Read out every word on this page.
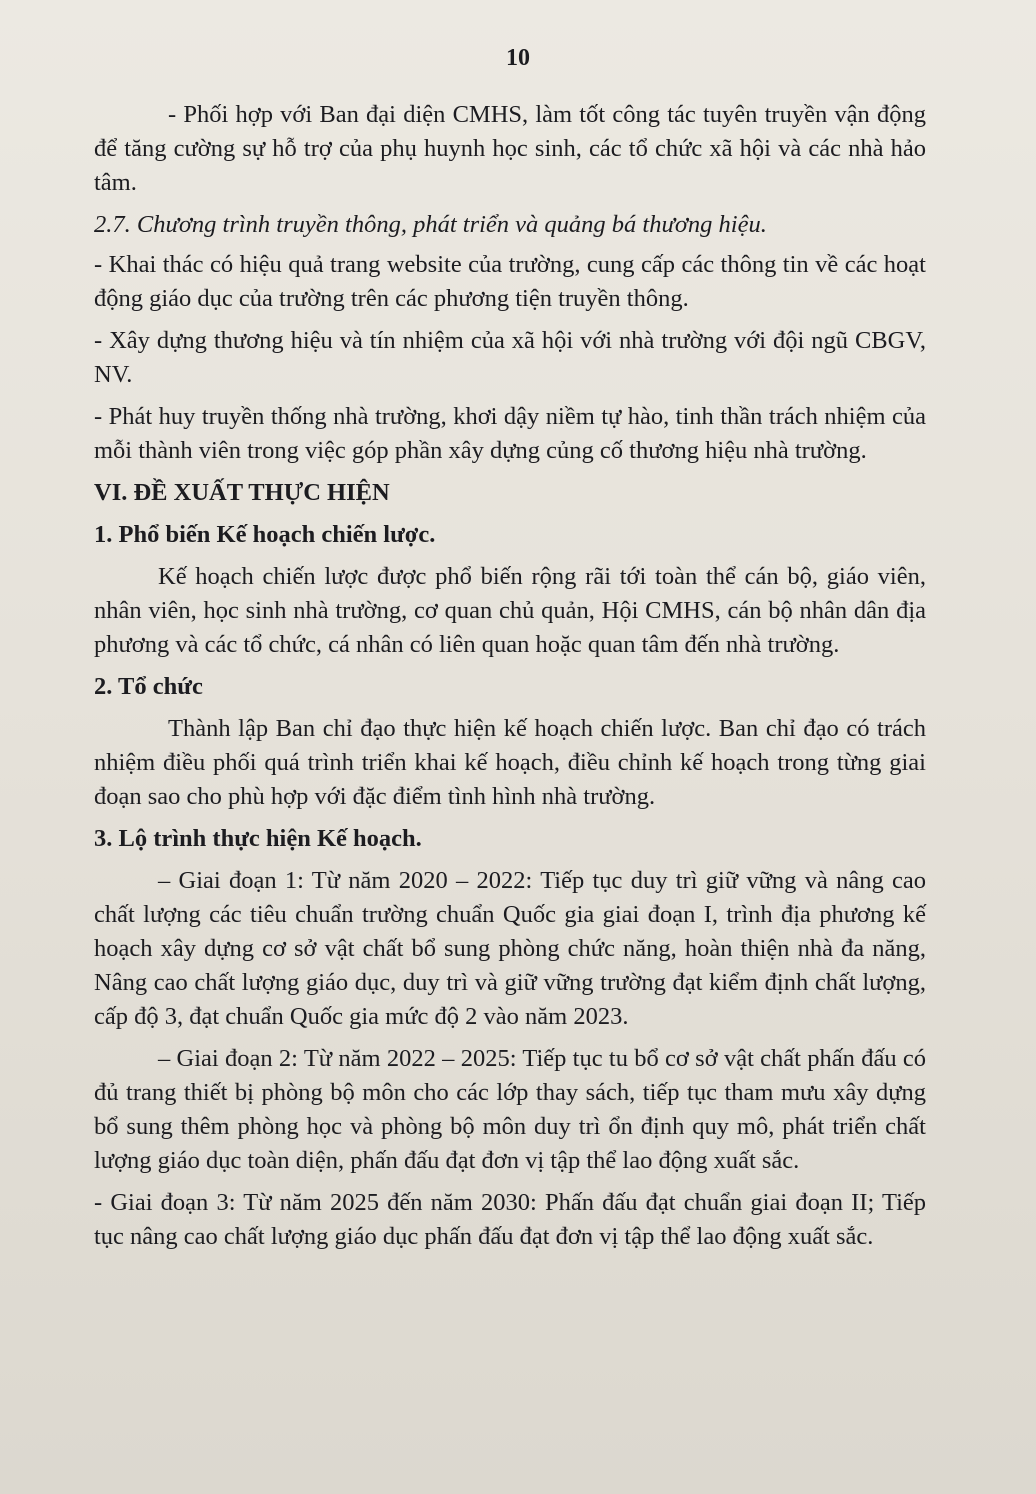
10

- Phối hợp với Ban đại diện CMHS, làm tốt công tác tuyên truyền vận động để tăng cường sự hỗ trợ của phụ huynh học sinh, các tổ chức xã hội và các nhà hảo tâm.

2.7. Chương trình truyền thông, phát triển và quảng bá thương hiệu.

- Khai thác có hiệu quả trang website của trường, cung cấp các thông tin về các hoạt động giáo dục của trường trên các phương tiện truyền thông.

- Xây dựng thương hiệu và tín nhiệm của xã hội với nhà trường với đội ngũ CBGV, NV.

- Phát huy truyền thống nhà trường, khơi dậy niềm tự hào, tinh thần trách nhiệm của mỗi thành viên trong việc góp phần xây dựng củng cố thương hiệu nhà trường.

VI. ĐỀ XUẤT THỰC HIỆN
1. Phổ biến Kế hoạch chiến lược.

Kế hoạch chiến lược được phổ biến rộng rãi tới toàn thể cán bộ, giáo viên, nhân viên, học sinh nhà trường, cơ quan chủ quản, Hội CMHS, cán bộ nhân dân địa phương và các tổ chức, cá nhân có liên quan hoặc quan tâm đến nhà trường.

2. Tổ chức

Thành lập Ban chỉ đạo thực hiện kế hoạch chiến lược. Ban chỉ đạo có trách nhiệm điều phối quá trình triển khai kế hoạch, điều chỉnh kế hoạch trong từng giai đoạn sao cho phù hợp với đặc điểm tình hình nhà trường.

3. Lộ trình thực hiện Kế hoạch.

– Giai đoạn 1: Từ năm 2020 – 2022: Tiếp tục duy trì giữ vững và nâng cao chất lượng các tiêu chuẩn trường chuẩn Quốc gia giai đoạn I, trình địa phương kế hoạch xây dựng cơ sở vật chất bổ sung phòng chức năng, hoàn thiện nhà đa năng, Nâng cao chất lượng giáo dục, duy trì và giữ vững trường đạt kiểm định chất lượng, cấp độ 3, đạt chuẩn Quốc gia mức độ 2 vào năm 2023.

– Giai đoạn 2: Từ năm 2022 – 2025: Tiếp tục tu bổ cơ sở vật chất phấn đấu có đủ trang thiết bị phòng bộ môn cho các lớp thay sách, tiếp tục tham mưu xây dựng bổ sung thêm phòng học và phòng bộ môn duy trì ổn định quy mô, phát triển chất lượng giáo dục toàn diện, phấn đấu đạt đơn vị tập thể lao động xuất sắc.

- Giai đoạn 3: Từ năm 2025 đến năm 2030: Phấn đấu đạt chuẩn giai đoạn II; Tiếp tục nâng cao chất lượng giáo dục phấn đấu đạt đơn vị tập thể lao động xuất sắc.
